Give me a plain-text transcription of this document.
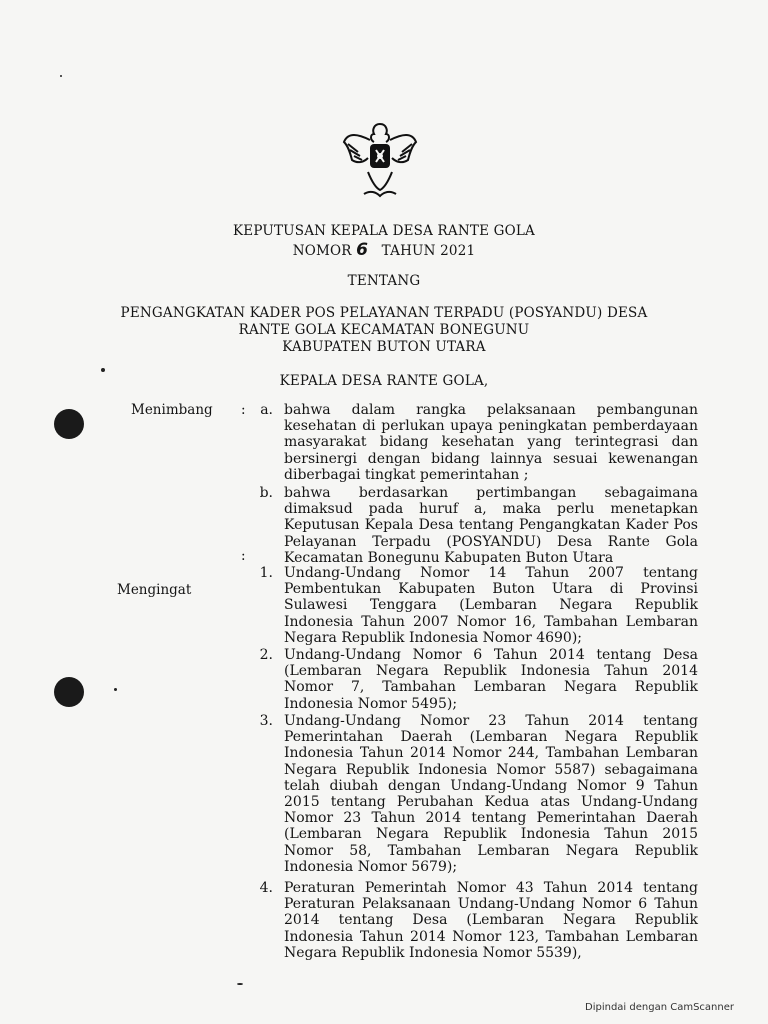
KEPUTUSAN KEPALA DESA RANTE GOLA
NOMOR 6 TAHUN 2021
TENTANG
PENGANGKATAN KADER POS PELAYANAN TERPADU (POSYANDU) DESA
RANTE GOLA KECAMATAN BONEGUNU
KABUPATEN BUTON UTARA
KEPALA DESA RANTE GOLA,
Menimbang :	a. bahwa dalam rangka pelaksanaan pembangunan kesehatan di perlukan upaya peningkatan pemberdayaan masyarakat bidang kesehatan yang terintegrasi dan bersinergi dengan bidang lainnya sesuai kewenangan diberbagai tingkat pemerintahan ;
b. bahwa berdasarkan pertimbangan sebagaimana dimaksud pada huruf a, maka perlu menetapkan Keputusan Kepala Desa tentang Pengangkatan Kader Pos Pelayanan Terpadu (POSYANDU) Desa Rante Gola Kecamatan Bonegunu Kabupaten Buton Utara
:
Mengingat
1. Undang-Undang Nomor 14 Tahun 2007 tentang Pembentukan Kabupaten Buton Utara di Provinsi Sulawesi Tenggara (Lembaran Negara Republik Indonesia Tahun 2007 Nomor 16, Tambahan Lembaran Negara Republik Indonesia Nomor 4690);
2. Undang-Undang Nomor 6 Tahun 2014 tentang Desa (Lembaran Negara Republik Indonesia Tahun 2014 Nomor 7, Tambahan Lembaran Negara Republik Indonesia Nomor 5495);
3. Undang-Undang Nomor 23 Tahun 2014 tentang Pemerintahan Daerah (Lembaran Negara Republik Indonesia Tahun 2014 Nomor 244, Tambahan Lembaran Negara Republik Indonesia Nomor 5587) sebagaimana telah diubah dengan Undang-Undang Nomor 9 Tahun 2015 tentang Perubahan Kedua atas Undang-Undang Nomor 23 Tahun 2014 tentang Pemerintahan Daerah (Lembaran Negara Republik Indonesia Tahun 2015 Nomor 58, Tambahan Lembaran Negara Republik Indonesia Nomor 5679);
4. Peraturan Pemerintah Nomor 43 Tahun 2014 tentang Peraturan Pelaksanaan Undang-Undang Nomor 6 Tahun 2014 tentang Desa (Lembaran Negara Republik Indonesia Tahun 2014 Nomor 123, Tambahan Lembaran Negara Republik Indonesia Nomor 5539),
Dipindai dengan CamScanner
